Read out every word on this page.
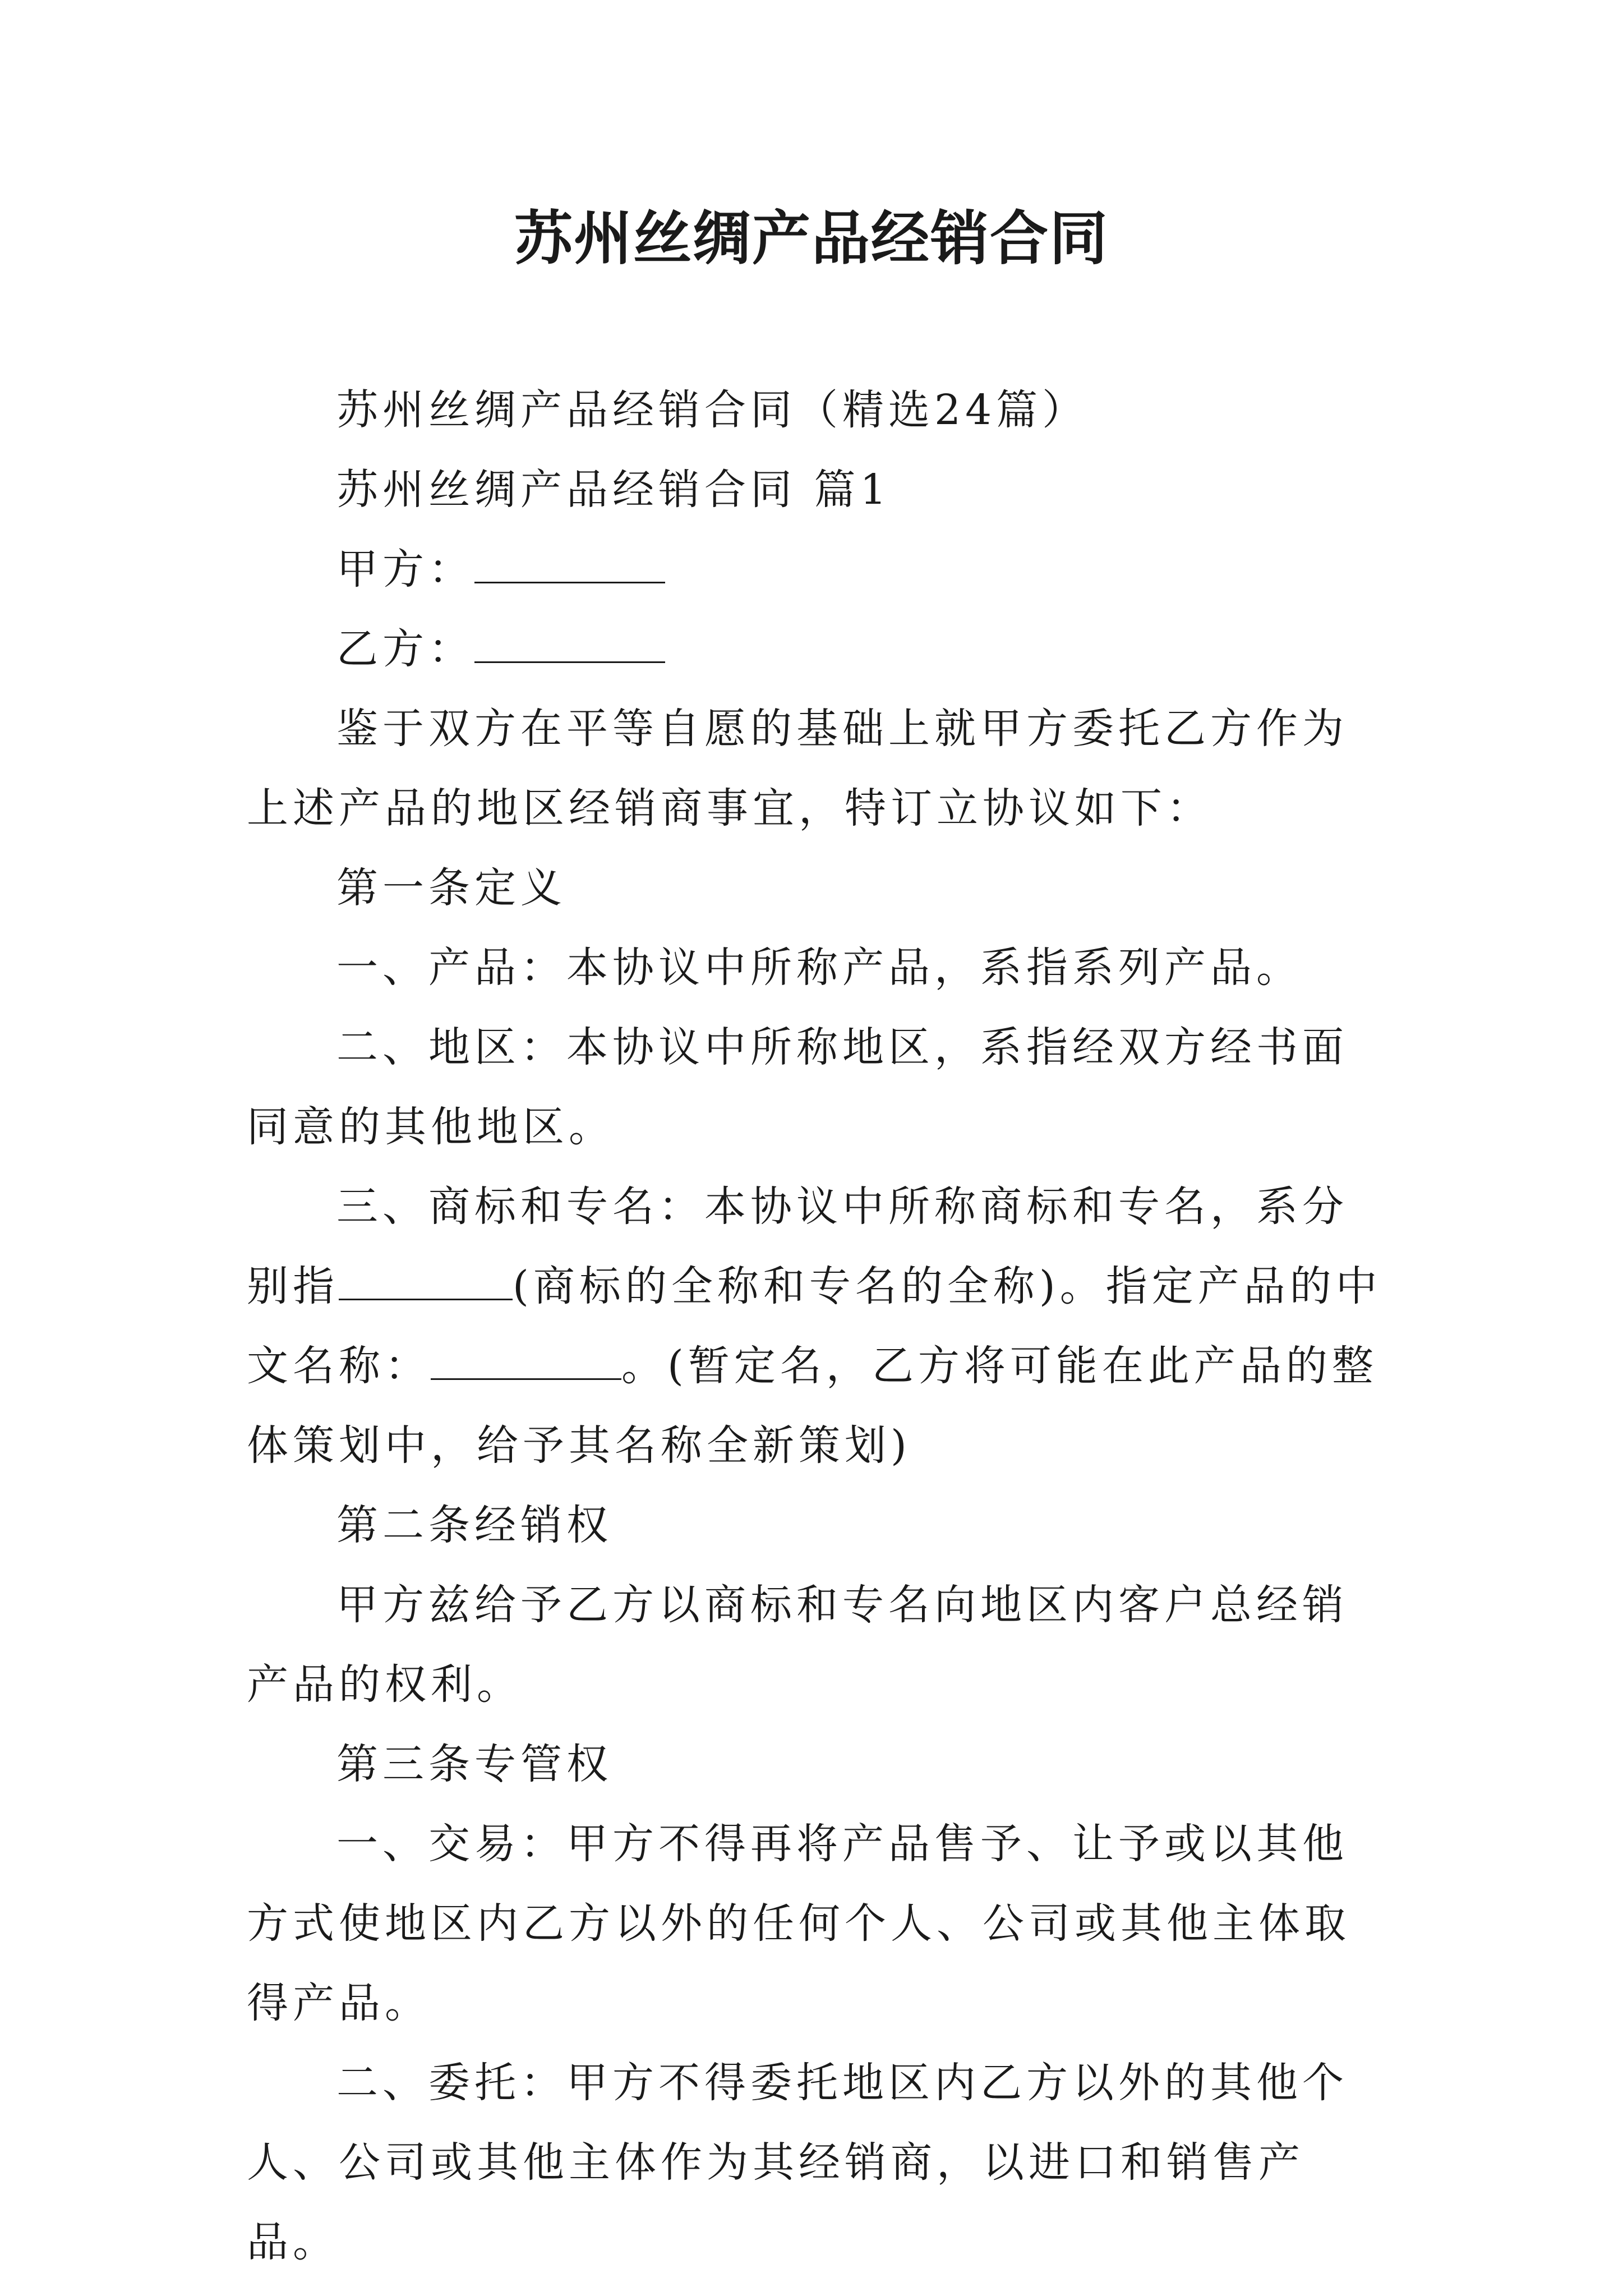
苏州丝绸产品经销合同

苏州丝绸产品经销合同（精选24篇）

苏州丝绸产品经销合同 篇1

甲方：

乙方：

鉴于双方在平等自愿的基础上就甲方委托乙方作为上述产品的地区经销商事宜，特订立协议如下：

第一条定义

一、产品：本协议中所称产品，系指系列产品。

二、地区：本协议中所称地区，系指经双方经书面同意的其他地区。

三、商标和专名：本协议中所称商标和专名，系分别指	(商标的全称和专名的全称)。指定产品的中文名称：	。(暂定名，乙方将可能在此产品的整体策划中，给予其名称全新策划)

第二条经销权

甲方兹给予乙方以商标和专名向地区内客户总经销产品的权利。

第三条专管权

一、交易：甲方不得再将产品售予、让予或以其他方式使地区内乙方以外的任何个人、公司或其他主体取得产品。

二、委托：甲方不得委托地区内乙方以外的其他个人、公司或其他主体作为其经销商，以进口和销售产品。
